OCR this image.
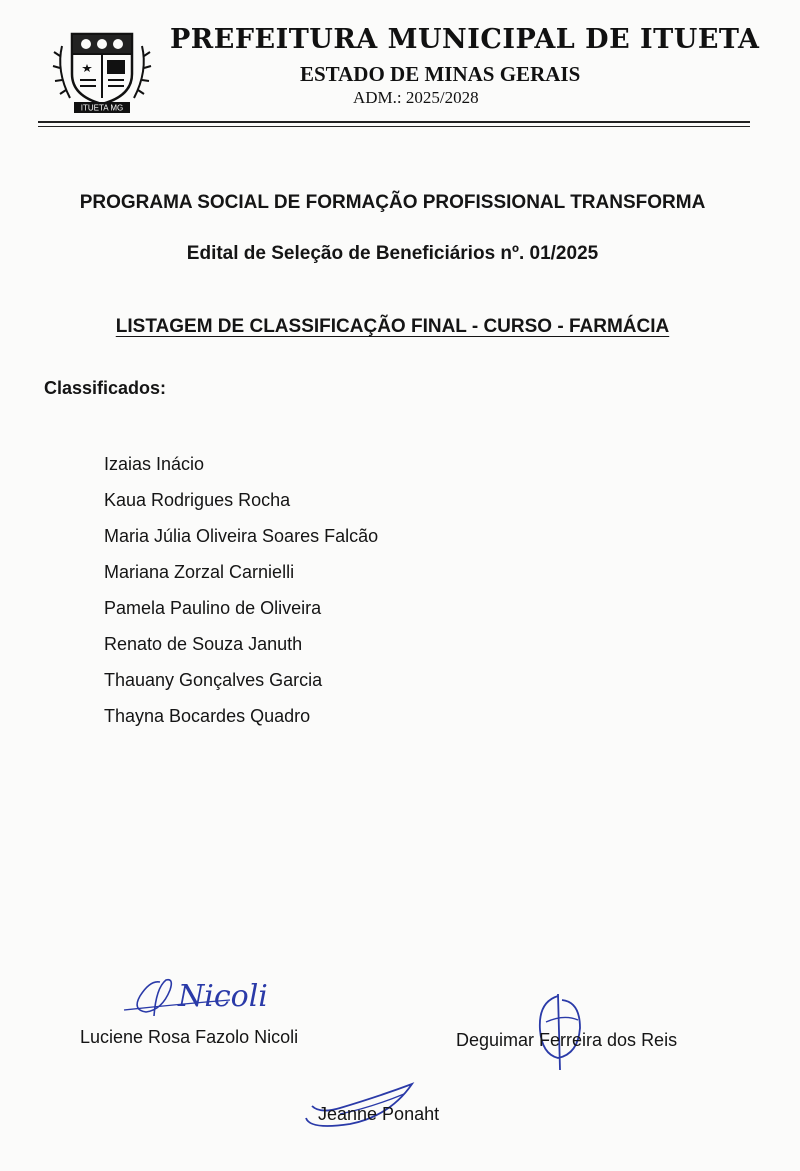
ITUETA MG
PREFEITURA MUNICIPAL DE ITUETA
ESTADO DE MINAS GERAIS
ADM.: 2025/2028
PROGRAMA SOCIAL DE FORMAÇÃO PROFISSIONAL TRANSFORMA
Edital de Seleção de Beneficiários nº. 01/2025
LISTAGEM DE CLASSIFICAÇÃO FINAL - CURSO - FARMÁCIA
Classificados:
Izaias Inácio
Kaua Rodrigues Rocha
Maria Júlia Oliveira Soares Falcão
Mariana Zorzal Carnielli
Pamela Paulino de Oliveira
Renato de Souza Januth
Thauany Gonçalves Garcia
Thayna Bocardes Quadro
Nicoli
Luciene Rosa Fazolo Nicoli	Deguimar Ferreira dos Reis
Jeanne Ponaht
